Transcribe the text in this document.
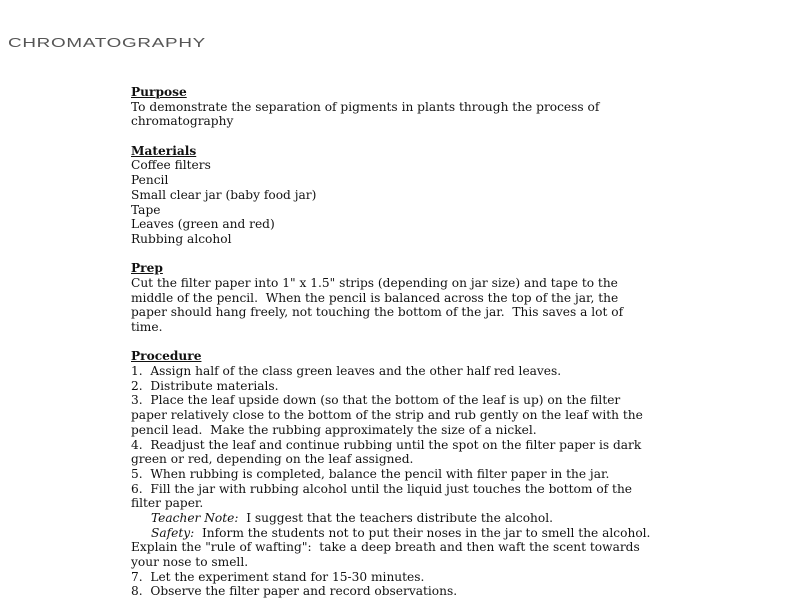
CHROMATOGRAPHY
Purpose
To demonstrate the separation of pigments in plants through the process of
chromatography
Materials
Coffee filters
Pencil
Small clear jar (baby food jar)
Tape
Leaves (green and red)
Rubbing alcohol
Prep
Cut the filter paper into 1" x 1.5" strips (depending on jar size) and tape to the
middle of the pencil.  When the pencil is balanced across the top of the jar, the
paper should hang freely, not touching the bottom of the jar.  This saves a lot of
time.
Procedure
1.  Assign half of the class green leaves and the other half red leaves.
2.  Distribute materials.
3.  Place the leaf upside down (so that the bottom of the leaf is up) on the filter
paper relatively close to the bottom of the strip and rub gently on the leaf with the
pencil lead.  Make the rubbing approximately the size of a nickel.
4.  Readjust the leaf and continue rubbing until the spot on the filter paper is dark
green or red, depending on the leaf assigned.
5.  When rubbing is completed, balance the pencil with filter paper in the jar.
6.  Fill the jar with rubbing alcohol until the liquid just touches the bottom of the
filter paper.
Teacher Note:  I suggest that the teachers distribute the alcohol.
Safety:  Inform the students not to put their noses in the jar to smell the alcohol.
Explain the "rule of wafting":  take a deep breath and then waft the scent towards
your nose to smell.
7.  Let the experiment stand for 15-30 minutes.
8.  Observe the filter paper and record observations.
